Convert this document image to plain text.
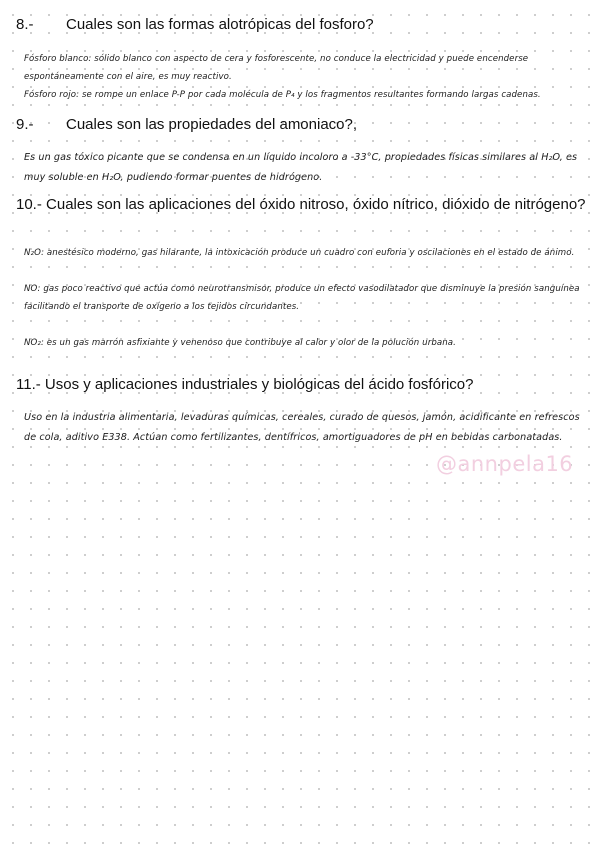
8.- Cuales son las formas alotrópicas del fosforo?

Fósforo blanco: sólido blanco con aspecto de cera y fosforescente, no conduce la electricidad y puede encenderse espontáneamente con el aire, es muy reactivo.

Fósforo rojo: se rompe un enlace P-P por cada molécula de P₄ y los fragmentos resultantes formando largas cadenas.

9.- Cuales son las propiedades del amoniaco?,

Es un gas tóxico picante que se condensa en un líquido incoloro a -33°C, propiedades físicas similares al H₂O, es muy soluble en H₂O, pudiendo formar puentes de hidrógeno.

10.- Cuales son las aplicaciones del óxido nitroso, óxido nítrico, dióxido de nitrógeno?

N₂O: anestésico moderno, gas hilarante, la intoxicación produce un cuadro con euforia y oscilaciones en el estado de ánimo.

NO: gas poco reactivo que actúa como neurotransmisor, produce un efecto vasodilatador que disminuye la presión sanguínea facilitando el transporte de oxígeno a los tejidos circundantes.

NO₂: es un gas marrón asfixiante y venenoso que contribuye al calor y olor de la polución urbana.

11.- Usos y aplicaciones industriales y biológicas del ácido fosfórico?

Uso en la industria alimentaria, levaduras químicas, cereales, curado de quesos, jamón, acidificante en refrescos de cola, aditivo E338. Actúan como fertilizantes, dentífricos, amortiguadores de pH en bebidas carbonatadas.

@annpela16
